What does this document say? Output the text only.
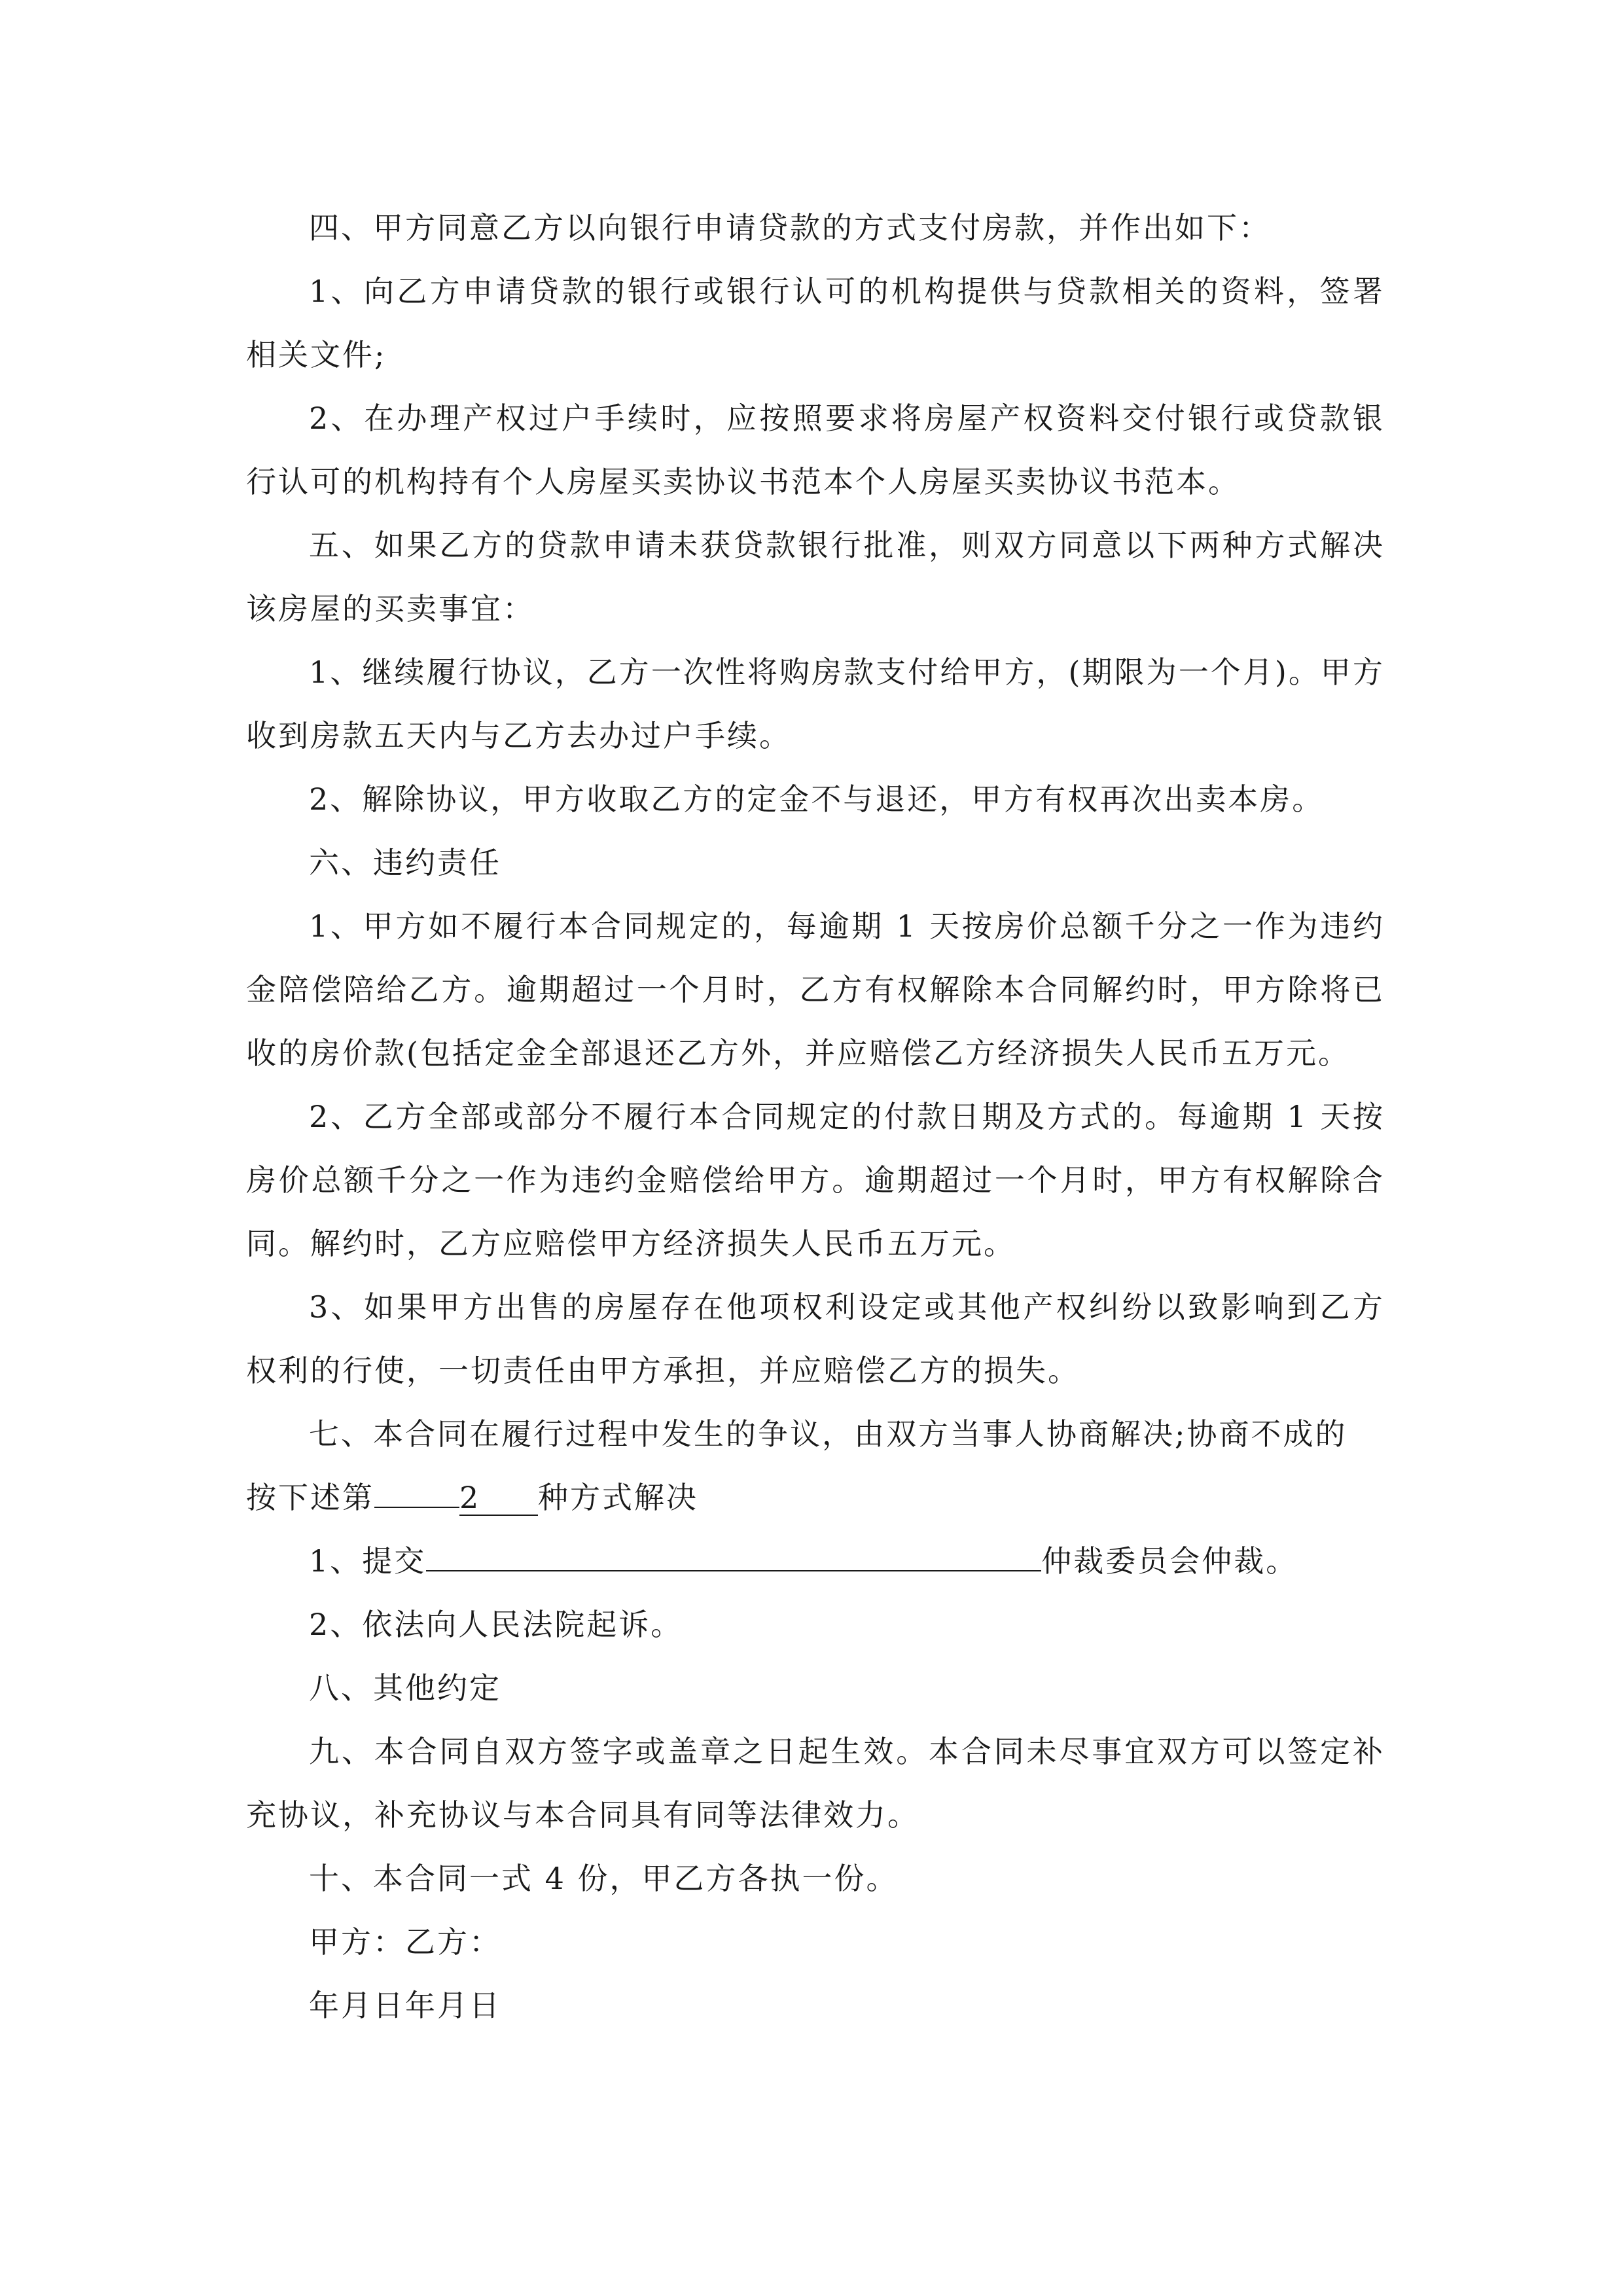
四、甲方同意乙方以向银行申请贷款的方式支付房款，并作出如下：

1、向乙方申请贷款的银行或银行认可的机构提供与贷款相关的资料，签署相关文件;

2、在办理产权过户手续时，应按照要求将房屋产权资料交付银行或贷款银行认可的机构持有个人房屋买卖协议书范本个人房屋买卖协议书范本。

五、如果乙方的贷款申请未获贷款银行批准，则双方同意以下两种方式解决该房屋的买卖事宜：

1、继续履行协议，乙方一次性将购房款支付给甲方，(期限为一个月)。甲方收到房款五天内与乙方去办过户手续。

2、解除协议，甲方收取乙方的定金不与退还，甲方有权再次出卖本房。

六、违约责任

1、甲方如不履行本合同规定的，每逾期 1 天按房价总额千分之一作为违约金陪偿陪给乙方。逾期超过一个月时，乙方有权解除本合同解约时，甲方除将已收的房价款(包括定金全部退还乙方外，并应赔偿乙方经济损失人民币五万元。

2、乙方全部或部分不履行本合同规定的付款日期及方式的。每逾期 1 天按房价总额千分之一作为违约金赔偿给甲方。逾期超过一个月时，甲方有权解除合同。解约时，乙方应赔偿甲方经济损失人民币五万元。

3、如果甲方出售的房屋存在他项权利设定或其他产权纠纷以致影响到乙方权利的行使，一切责任由甲方承担，并应赔偿乙方的损失。

七、本合同在履行过程中发生的争议，由双方当事人协商解决;协商不成的
按下述第	2 种方式解决

1、提交	仲裁委员会仲裁。

2、依法向人民法院起诉。

八、其他约定

九、本合同自双方签字或盖章之日起生效。本合同未尽事宜双方可以签定补充协议，补充协议与本合同具有同等法律效力。

十、本合同一式 4 份，甲乙方各执一份。

甲方：乙方：

年月日年月日
